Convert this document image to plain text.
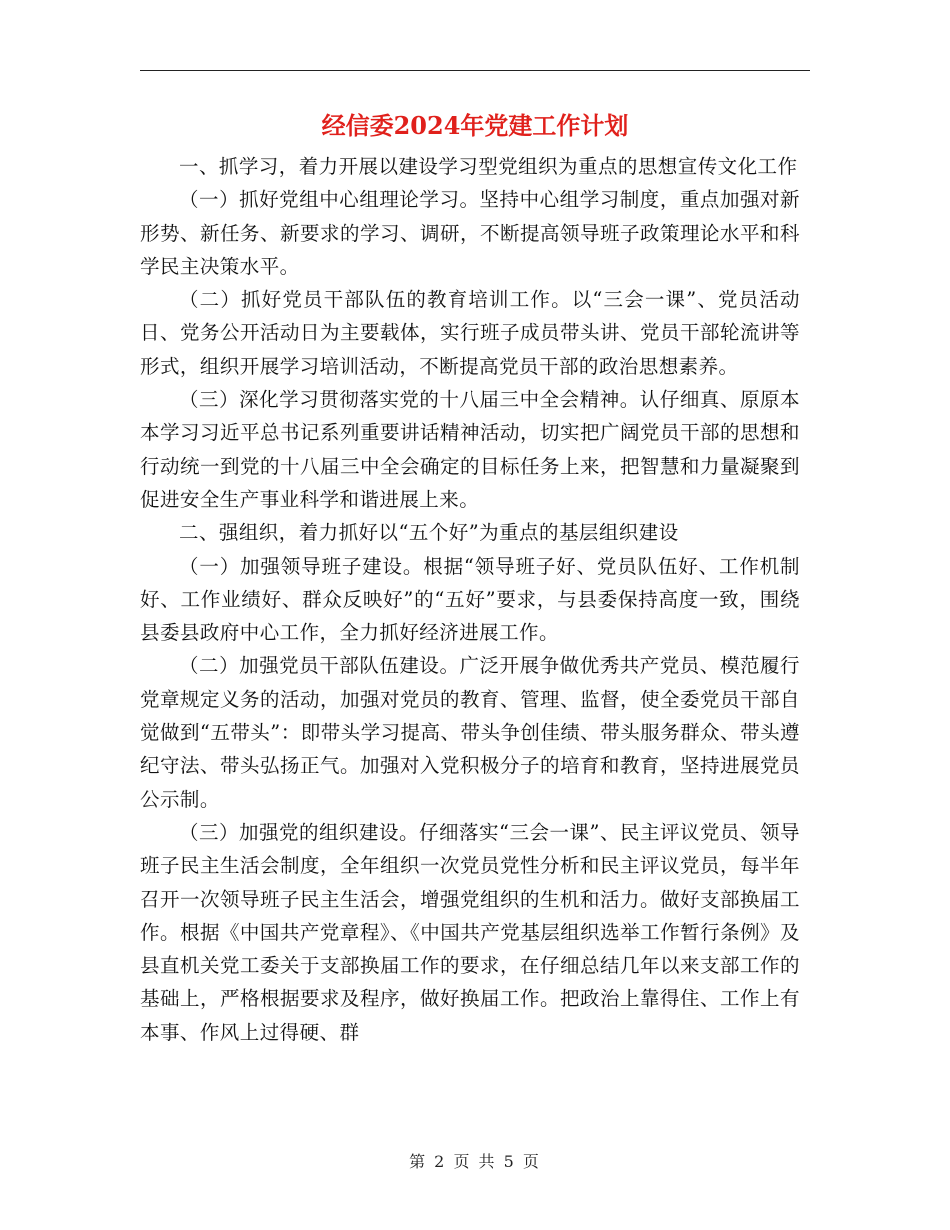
经信委2024年党建工作计划

一、抓学习，着力开展以建设学习型党组织为重点的思想宣传文化工作

（一）抓好党组中心组理论学习。坚持中心组学习制度，重点加强对新形势、新任务、新要求的学习、调研，不断提高领导班子政策理论水平和科学民主决策水平。

（二）抓好党员干部队伍的教育培训工作。以“三会一课”、党员活动日、党务公开活动日为主要载体，实行班子成员带头讲、党员干部轮流讲等形式，组织开展学习培训活动，不断提高党员干部的政治思想素养。

（三）深化学习贯彻落实党的十八届三中全会精神。认仔细真、原原本本学习习近平总书记系列重要讲话精神活动，切实把广阔党员干部的思想和行动统一到党的十八届三中全会确定的目标任务上来，把智慧和力量凝聚到促进安全生产事业科学和谐进展上来。

二、强组织，着力抓好以“五个好”为重点的基层组织建设

（一）加强领导班子建设。根据“领导班子好、党员队伍好、工作机制好、工作业绩好、群众反映好”的“五好”要求，与县委保持高度一致，围绕县委县政府中心工作，全力抓好经济进展工作。

（二）加强党员干部队伍建设。广泛开展争做优秀共产党员、模范履行党章规定义务的活动，加强对党员的教育、管理、监督，使全委党员干部自觉做到“五带头”：即带头学习提高、带头争创佳绩、带头服务群众、带头遵纪守法、带头弘扬正气。加强对入党积极分子的培育和教育，坚持进展党员公示制。

（三）加强党的组织建设。仔细落实“三会一课”、民主评议党员、领导班子民主生活会制度，全年组织一次党员党性分析和民主评议党员，每半年召开一次领导班子民主生活会，增强党组织的生机和活力。做好支部换届工作。根据《中国共产党章程》、《中国共产党基层组织选举工作暂行条例》及县直机关党工委关于支部换届工作的要求，在仔细总结几年以来支部工作的基础上，严格根据要求及程序，做好换届工作。把政治上靠得住、工作上有本事、作风上过得硬、群

第 2 页 共 5 页
